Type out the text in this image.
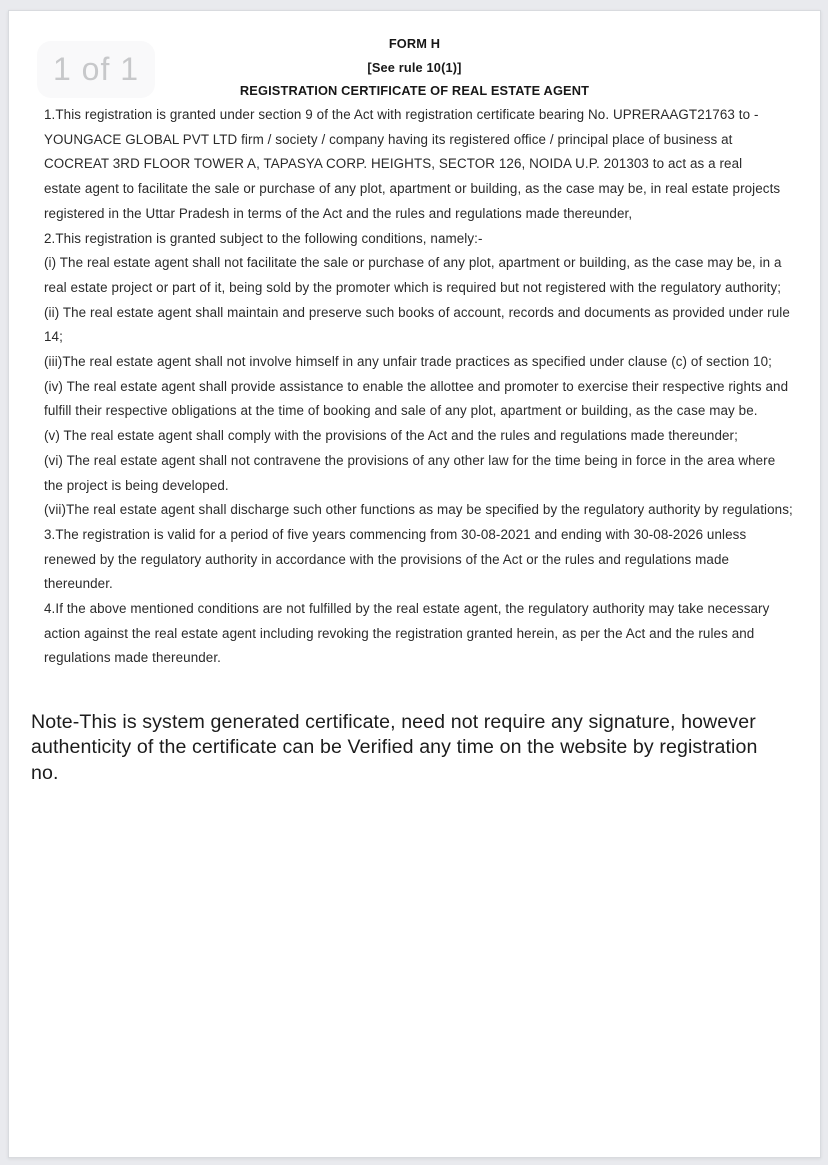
1 of 1
FORM H
[See rule 10(1)]
REGISTRATION CERTIFICATE OF REAL ESTATE AGENT
1.This registration is granted under section 9 of the Act with registration certificate bearing No. UPRERAAGT21763 to -
YOUNGACE GLOBAL PVT LTD firm / society / company having its registered office / principal place of business at
COCREAT 3RD FLOOR TOWER A, TAPASYA CORP. HEIGHTS, SECTOR 126, NOIDA U.P. 201303 to act as a real
estate agent to facilitate the sale or purchase of any plot, apartment or building, as the case may be, in real estate projects
registered in the Uttar Pradesh in terms of the Act and the rules and regulations made thereunder,
2.This registration is granted subject to the following conditions, namely:-
(i) The real estate agent shall not facilitate the sale or purchase of any plot, apartment or building, as the case may be, in a
real estate project or part of it, being sold by the promoter which is required but not registered with the regulatory authority;
(ii) The real estate agent shall maintain and preserve such books of account, records and documents as provided under rule
14;
(iii)The real estate agent shall not involve himself in any unfair trade practices as specified under clause (c) of section 10;
(iv) The real estate agent shall provide assistance to enable the allottee and promoter to exercise their respective rights and
fulfill their respective obligations at the time of booking and sale of any plot, apartment or building, as the case may be.
(v) The real estate agent shall comply with the provisions of the Act and the rules and regulations made thereunder;
(vi) The real estate agent shall not contravene the provisions of any other law for the time being in force in the area where
the project is being developed.
(vii)The real estate agent shall discharge such other functions as may be specified by the regulatory authority by regulations;
3.The registration is valid for a period of five years commencing from 30-08-2021 and ending with 30-08-2026 unless
renewed by the regulatory authority in accordance with the provisions of the Act or the rules and regulations made
thereunder.
4.If the above mentioned conditions are not fulfilled by the real estate agent, the regulatory authority may take necessary
action against the real estate agent including revoking the registration granted herein, as per the Act and the rules and
regulations made thereunder.
Note-This is system generated certificate, need not require any signature, however
authenticity of the certificate can be Verified any time on the website by registration
no.
